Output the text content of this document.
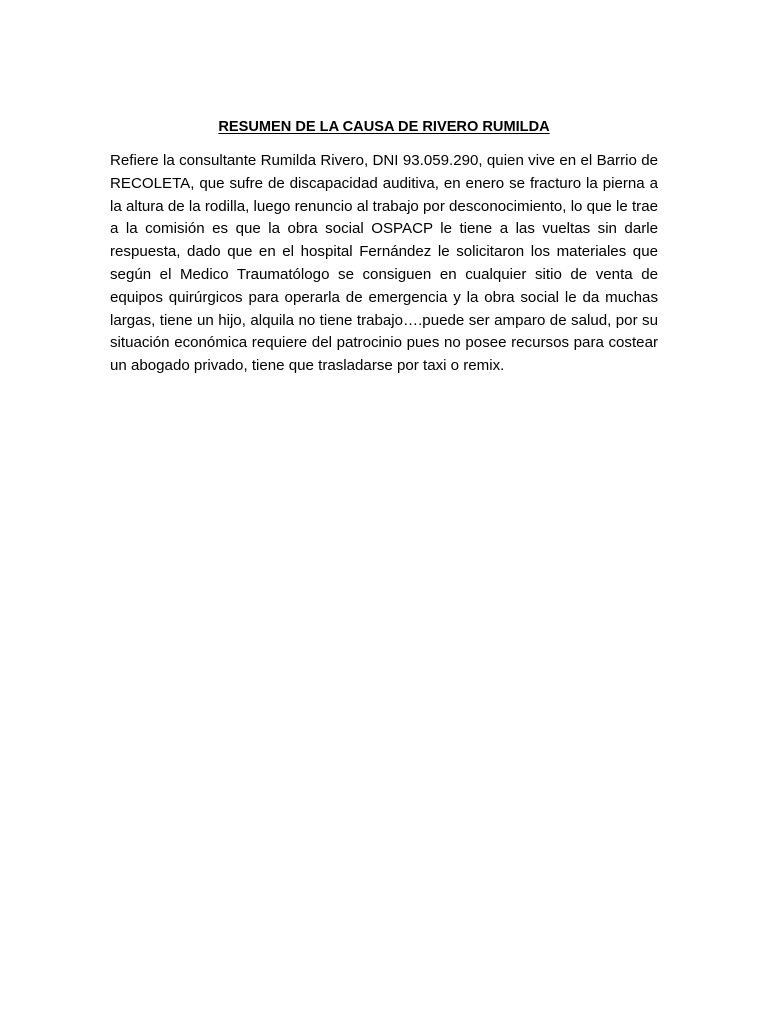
RESUMEN DE LA CAUSA DE RIVERO RUMILDA

Refiere la consultante Rumilda Rivero, DNI 93.059.290, quien vive en el Barrio de RECOLETA, que sufre de discapacidad auditiva, en enero se fracturo la pierna a la altura de la rodilla, luego renuncio al trabajo por desconocimiento, lo que le trae a la comisión es que la obra social OSPACP le tiene a las vueltas sin darle respuesta, dado que en el hospital Fernández le solicitaron los materiales que según el Medico Traumatólogo se consiguen en cualquier sitio de venta de equipos quirúrgicos para operarla de emergencia y la obra social le da muchas largas, tiene un hijo, alquila no tiene trabajo….puede ser amparo de salud, por su situación económica requiere del patrocinio pues no posee recursos para costear un abogado privado, tiene que trasladarse por taxi o remix.
